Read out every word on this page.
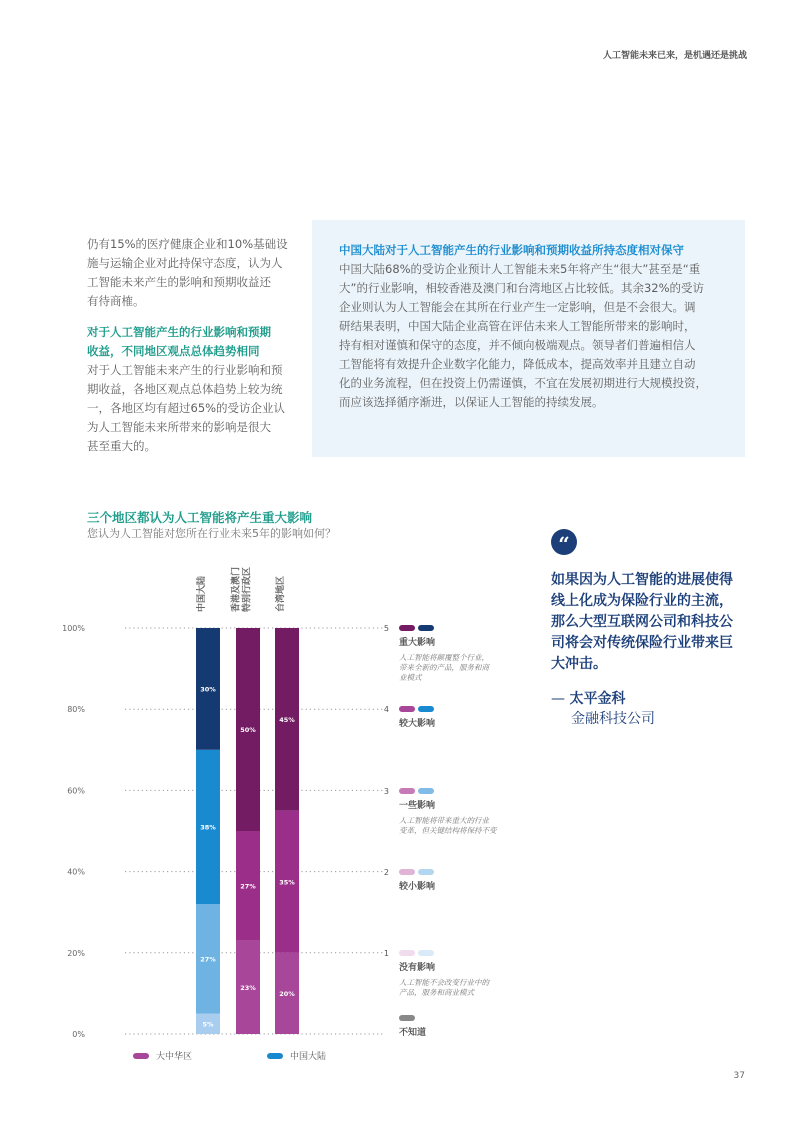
人工智能未来已来，是机遇还是挑战

仍有15%的医疗健康企业和10%基础设
施与运输企业对此持保守态度，认为人
工智能未来产生的影响和预期收益还
有待商榷。

对于人工智能产生的行业影响和预期
收益，不同地区观点总体趋势相同

对于人工智能未来产生的行业影响和预
期收益，各地区观点总体趋势上较为统
一，各地区均有超过65%的受访企业认
为人工智能未来所带来的影响是很大
甚至重大的。

中国大陆对于人工智能产生的行业影响和预期收益所持态度相对保守

中国大陆68%的受访企业预计人工智能未来5年将产生“很大”甚至是“重
大”的行业影响，相较香港及澳门和台湾地区占比较低。其余32%的受访
企业则认为人工智能会在其所在行业产生一定影响，但是不会很大。调
研结果表明，中国大陆企业高管在评估未来人工智能所带来的影响时，
持有相对谨慎和保守的态度，并不倾向极端观点。领导者们普遍相信人
工智能将有效提升企业数字化能力，降低成本，提高效率并且建立自动
化的业务流程，但在投资上仍需谨慎，不宜在发展初期进行大规模投资，
而应该选择循序渐进，以保证人工智能的持续发展。

三个地区都认为人工智能将产生重大影响
您认为人工智能对您所在行业未来5年的影响如何？
0%
20%
40%
60%
80%
100%
中国大陆
5%
27%
38%
30%
香港及澳门 特别行政区
23%
27%
50%
台湾地区
20%
35%
45%
5
重大影响
人工智能将颠覆整个行业，
带来全新的产品，服务和商
业模式
4
较大影响
3
一些影响
人工智能将带来重大的行业
变革，但关键结构将保持不变
2
较小影响
1
没有影响
人工智能不会改变行业中的
产品，服务和商业模式
不知道
大中华区	中国大陆
“
如果因为人工智能的进展使得
线上化成为保险行业的主流，
那么大型互联网公司和科技公
司将会对传统保险行业带来巨
大冲击。
— 太平金科
金融科技公司
37
